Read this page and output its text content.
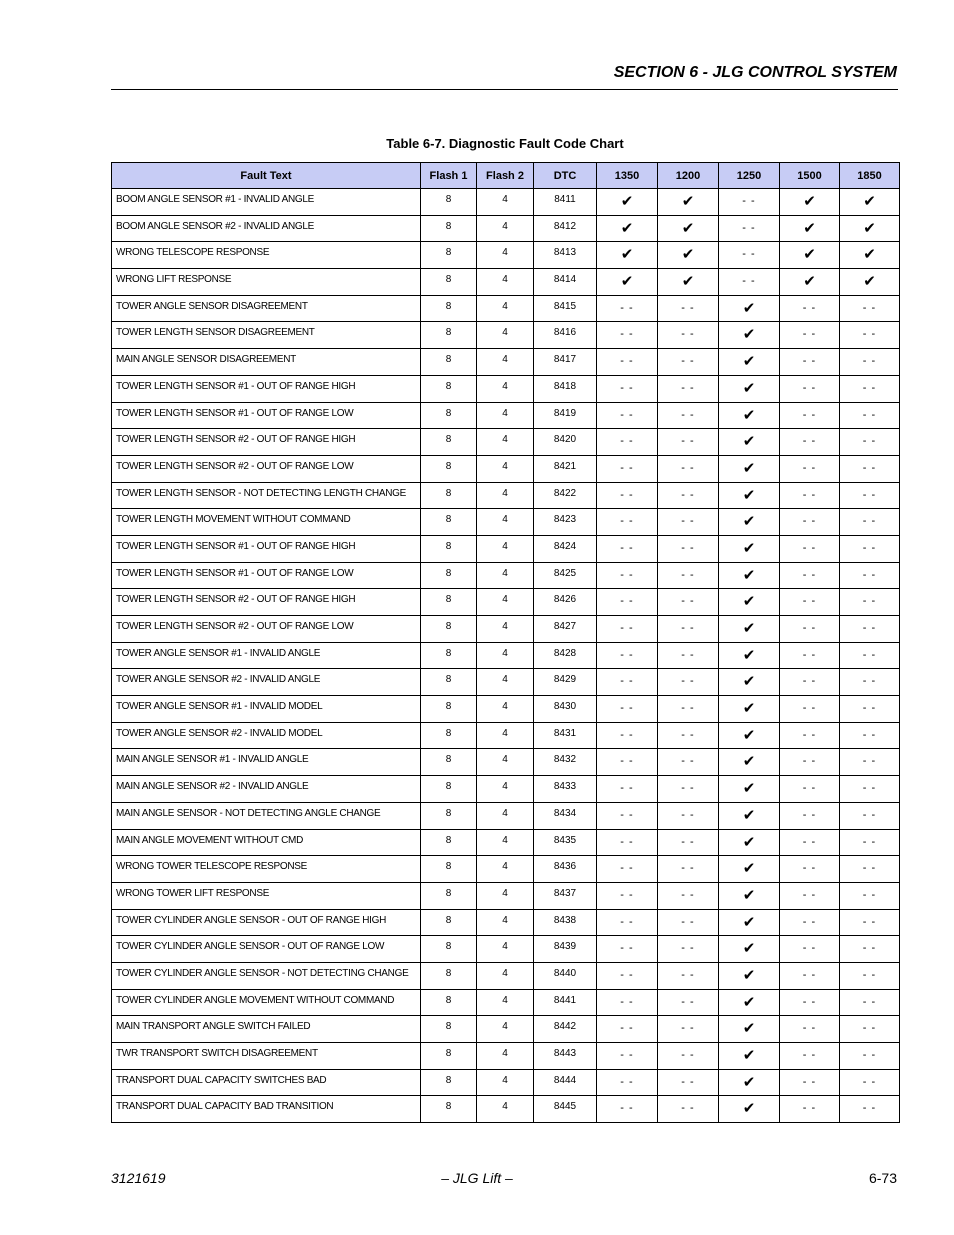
SECTION 6 - JLG CONTROL SYSTEM
Table 6-7. Diagnostic Fault Code Chart
Fault Text	Flash 1	Flash 2	DTC	1350	1200	1250	1500	1850
BOOM ANGLE SENSOR #1 - INVALID ANGLE	8	4	8411	✔	✔	- -	✔	✔
BOOM ANGLE SENSOR #2 - INVALID ANGLE	8	4	8412	✔	✔	- -	✔	✔
WRONG TELESCOPE RESPONSE	8	4	8413	✔	✔	- -	✔	✔
WRONG LIFT RESPONSE	8	4	8414	✔	✔	- -	✔	✔
TOWER ANGLE SENSOR DISAGREEMENT	8	4	8415	- -	- -	✔	- -	- -
TOWER LENGTH SENSOR DISAGREEMENT	8	4	8416	- -	- -	✔	- -	- -
MAIN ANGLE SENSOR DISAGREEMENT	8	4	8417	- -	- -	✔	- -	- -
TOWER LENGTH SENSOR #1 - OUT OF RANGE HIGH	8	4	8418	- -	- -	✔	- -	- -
TOWER LENGTH SENSOR #1 - OUT OF RANGE LOW	8	4	8419	- -	- -	✔	- -	- -
TOWER LENGTH SENSOR #2 - OUT OF RANGE HIGH	8	4	8420	- -	- -	✔	- -	- -
TOWER LENGTH SENSOR #2 - OUT OF RANGE LOW	8	4	8421	- -	- -	✔	- -	- -
TOWER LENGTH SENSOR - NOT DETECTING LENGTH CHANGE	8	4	8422	- -	- -	✔	- -	- -
TOWER LENGTH MOVEMENT WITHOUT COMMAND	8	4	8423	- -	- -	✔	- -	- -
TOWER LENGTH SENSOR #1 - OUT OF RANGE HIGH	8	4	8424	- -	- -	✔	- -	- -
TOWER LENGTH SENSOR #1 - OUT OF RANGE LOW	8	4	8425	- -	- -	✔	- -	- -
TOWER LENGTH SENSOR #2 - OUT OF RANGE HIGH	8	4	8426	- -	- -	✔	- -	- -
TOWER LENGTH SENSOR #2 - OUT OF RANGE LOW	8	4	8427	- -	- -	✔	- -	- -
TOWER ANGLE SENSOR #1 - INVALID ANGLE	8	4	8428	- -	- -	✔	- -	- -
TOWER ANGLE SENSOR #2 - INVALID ANGLE	8	4	8429	- -	- -	✔	- -	- -
TOWER ANGLE SENSOR #1 - INVALID MODEL	8	4	8430	- -	- -	✔	- -	- -
TOWER ANGLE SENSOR #2 - INVALID MODEL	8	4	8431	- -	- -	✔	- -	- -
MAIN ANGLE SENSOR #1 - INVALID ANGLE	8	4	8432	- -	- -	✔	- -	- -
MAIN ANGLE SENSOR #2 - INVALID ANGLE	8	4	8433	- -	- -	✔	- -	- -
MAIN ANGLE SENSOR - NOT DETECTING ANGLE CHANGE	8	4	8434	- -	- -	✔	- -	- -
MAIN ANGLE MOVEMENT WITHOUT CMD	8	4	8435	- -	- -	✔	- -	- -
WRONG TOWER TELESCOPE RESPONSE	8	4	8436	- -	- -	✔	- -	- -
WRONG TOWER LIFT RESPONSE	8	4	8437	- -	- -	✔	- -	- -
TOWER CYLINDER ANGLE SENSOR - OUT OF RANGE HIGH	8	4	8438	- -	- -	✔	- -	- -
TOWER CYLINDER ANGLE SENSOR - OUT OF RANGE LOW	8	4	8439	- -	- -	✔	- -	- -
TOWER CYLINDER ANGLE SENSOR - NOT DETECTING CHANGE	8	4	8440	- -	- -	✔	- -	- -
TOWER CYLINDER ANGLE MOVEMENT WITHOUT COMMAND	8	4	8441	- -	- -	✔	- -	- -
MAIN TRANSPORT ANGLE SWITCH FAILED	8	4	8442	- -	- -	✔	- -	- -
TWR TRANSPORT SWITCH DISAGREEMENT	8	4	8443	- -	- -	✔	- -	- -
TRANSPORT DUAL CAPACITY SWITCHES BAD	8	4	8444	- -	- -	✔	- -	- -
TRANSPORT DUAL CAPACITY BAD TRANSITION	8	4	8445	- -	- -	✔	- -	- -
3121619	– JLG Lift –	6-73
